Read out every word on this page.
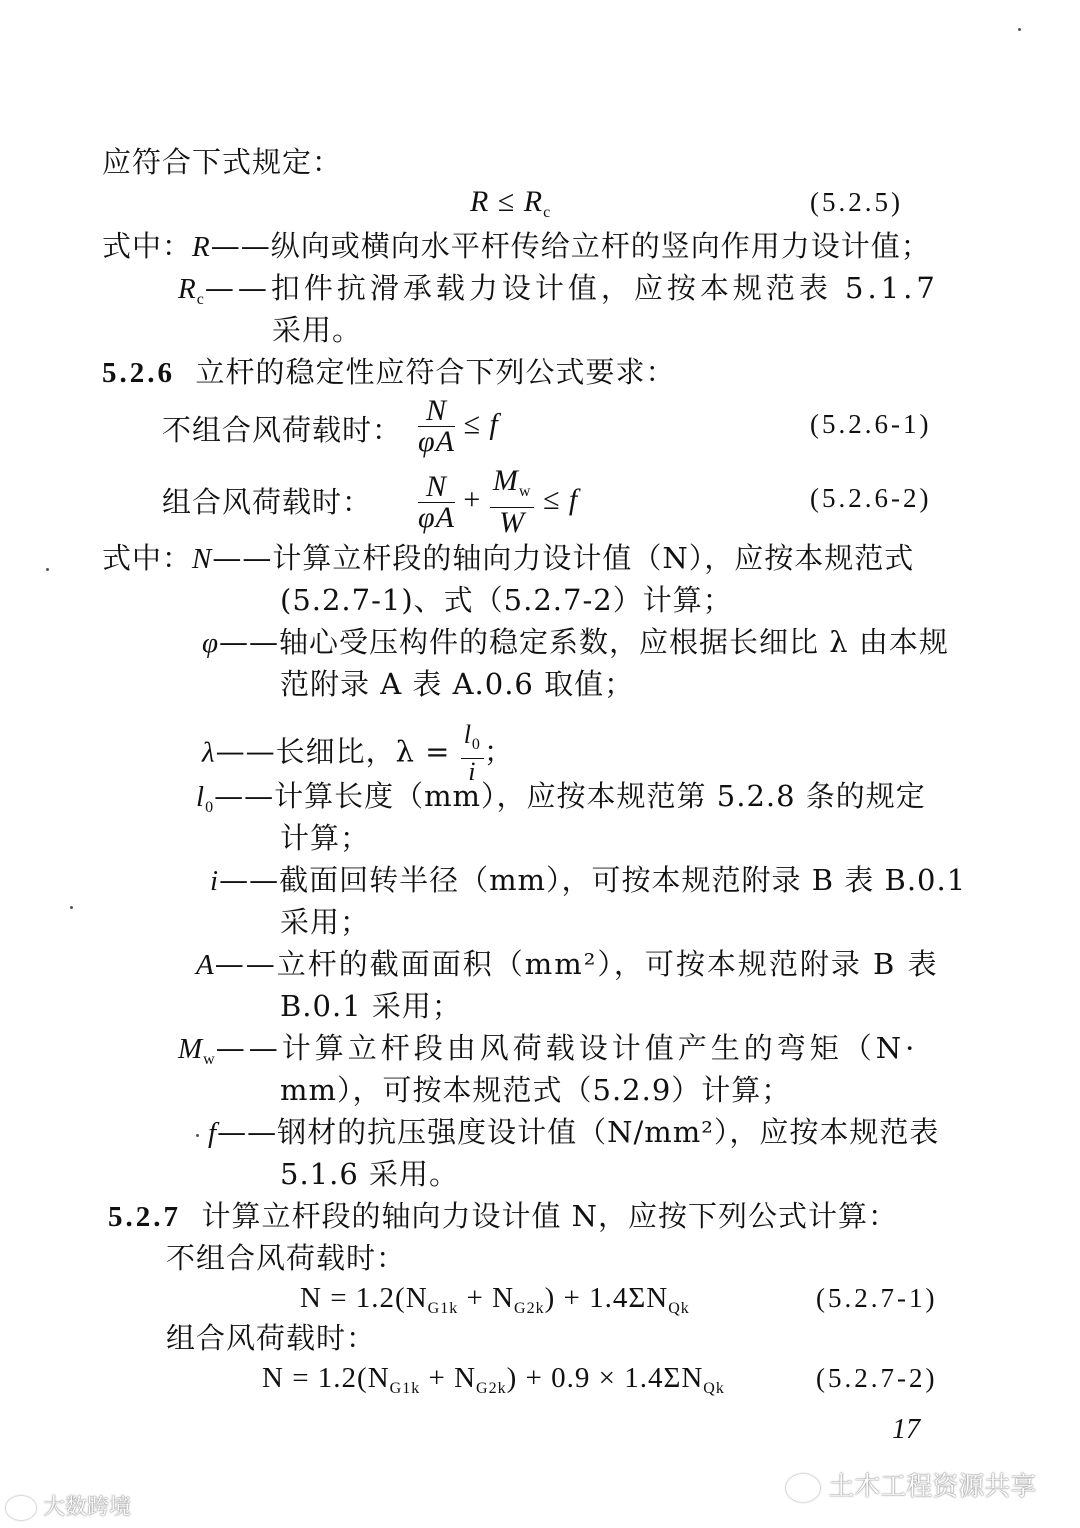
应符合下式规定：
$R \le R_c$	(5.2.5)
式中：R——纵向或横向水平杆传给立杆的竖向作用力设计值；
$R_c——$扣件抗滑承载力设计值，应按本规范表 5.1.7
采用。
5.2.6 立杆的稳定性应符合下列公式要求：
不组合风荷载时： $\frac{N}{\varphi A} \le f$	(5.2.6-1)
组合风荷载时： $\frac{N}{\varphi A} + \frac{M_w}{W} \le f$	(5.2.6-2)
式中：N——计算立杆段的轴向力设计值（N），应按本规范式
(5.2.7-1)、式（5.2.7-2）计算；
φ——轴心受压构件的稳定系数，应根据长细比 λ 由本规
范附录 A 表 A.0.6 取值；
λ——长细比，$\lambda = \frac{l_0}{i}$ ；
$l_0——$计算长度（mm），应按本规范第 5.2.8 条的规定
计算；
i——截面回转半径（mm），可按本规范附录 B 表 B.0.1
采用；
A——立杆的截面面积（mm²），可按本规范附录 B 表
B.0.1 采用；
$M_w——$计算立杆段由风荷载设计值产生的弯矩（N·
mm），可按本规范式（5.2.9）计算；
f——钢材的抗压强度设计值（N/mm²），应按本规范表
5.1.6 采用。
5.2.7 计算立杆段的轴向力设计值 N，应按下列公式计算：
不组合风荷载时：
$N = 1.2(N_{G1k} + N_{G2k}) + 1.4\Sigma N_{Qk}$	(5.2.7-1)
组合风荷载时：
$N = 1.2(N_{G1k} + N_{G2k}) + 0.9 \times 1.4\Sigma N_{Qk}$	(5.2.7-2)
17
大数跨境
土木工程资源共享
